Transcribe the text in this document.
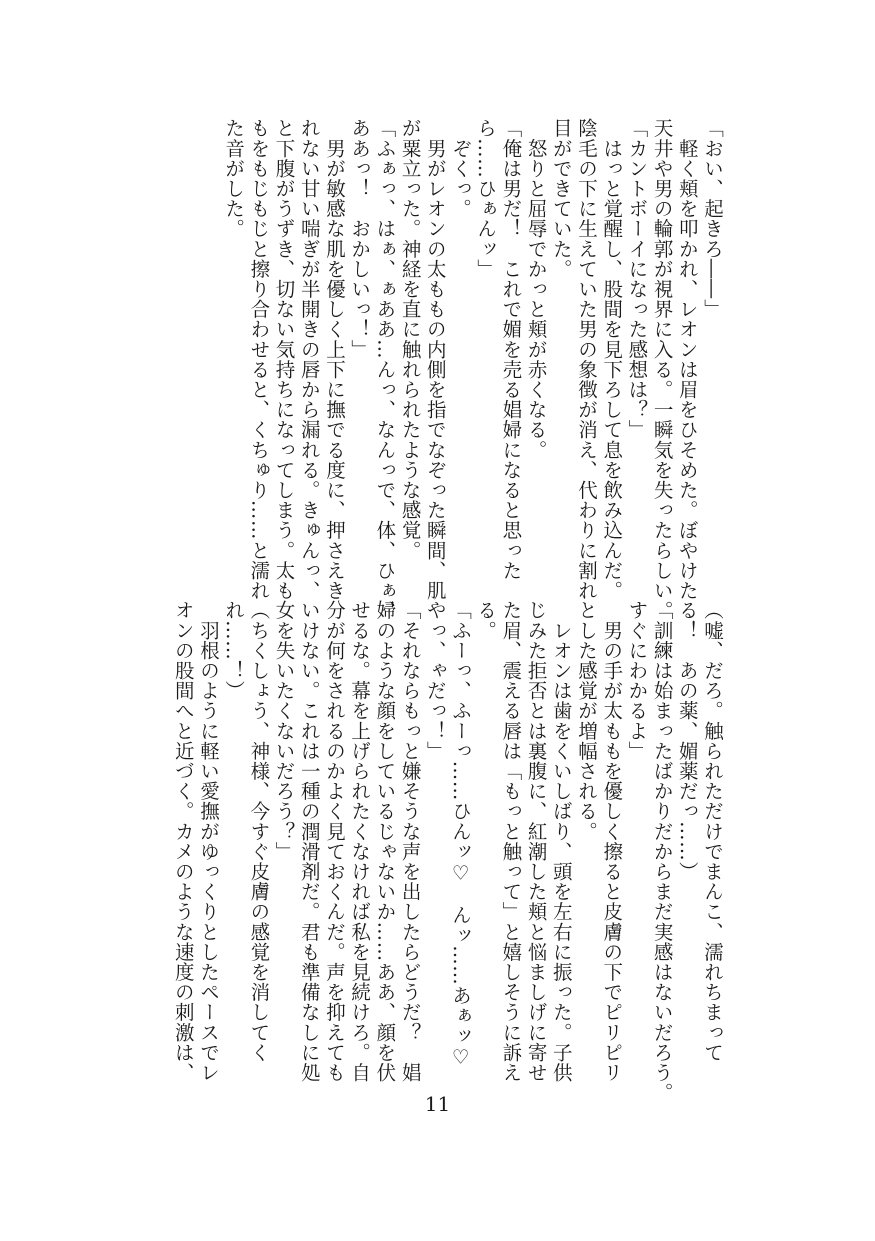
「おい、起きろ――」
　軽く頬を叩かれ、レオンは眉をひそめた。ぼやけた
天井や男の輪郭が視界に入る。一瞬気を失ったらしい。
「カントボーイになった感想は？」
　はっと覚醒し、股間を見下ろして息を飲み込んだ。
陰毛の下に生えていた男の象徴が消え、代わりに割れ
目ができていた。
　怒りと屈辱でかっと頬が赤くなる。
「俺は男だ！　これで媚を売る娼婦になると思った
ら……ひぁんッ」
　ぞくっ。
　男がレオンの太ももの内側を指でなぞった瞬間、肌
が粟立った。神経を直に触れられたような感覚。
「ふぁっ、はぁ、ぁああ…んっ、なんっで、体、ひぁ、
ああっ！　おかしいっ！」
　男が敏感な肌を優しく上下に撫でる度に、押さえき
れない甘い喘ぎが半開きの唇から漏れる。きゅんっ、
と下腹がうずき、切ない気持ちになってしまう。太も
もをもじもじと擦り合わせると、くちゅり……と濡れ
た音がした。
（嘘、だろ。触られただけでまんこ、濡れちまって
る！　あの薬、媚薬だっ……）
「訓練は始まったばかりだからまだ実感はないだろう。
すぐにわかるよ」
　男の手が太ももを優しく擦ると皮膚の下でピリピリ
とした感覚が増幅される。
　レオンは歯をくいしばり、頭を左右に振った。子供
じみた拒否とは裏腹に、紅潮した頬と悩ましげに寄せ
た眉、震える唇は「もっと触って」と嬉しそうに訴え
る。
「ふーっ、ふーっ……ひんッ♡　んッ……あぁッ♡
やっ、ゃだっ！」
「それならもっと嫌そうな声を出したらどうだ？　娼
婦のような顔をしているじゃないか……ああ、顔を伏
せるな。幕を上げられたくなければ私を見続けろ。自
分が何をされるのかよく見ておくんだ。声を抑えても
いけない。これは一種の潤滑剤だ。君も準備なしに処
女を失いたくないだろう？」
（ちくしょう、神様、今すぐ皮膚の感覚を消してく
れ……！）
　羽根のように軽い愛撫がゆっくりとしたペースでレ
オンの股間へと近づく。カメのような速度の刺激は、
11
